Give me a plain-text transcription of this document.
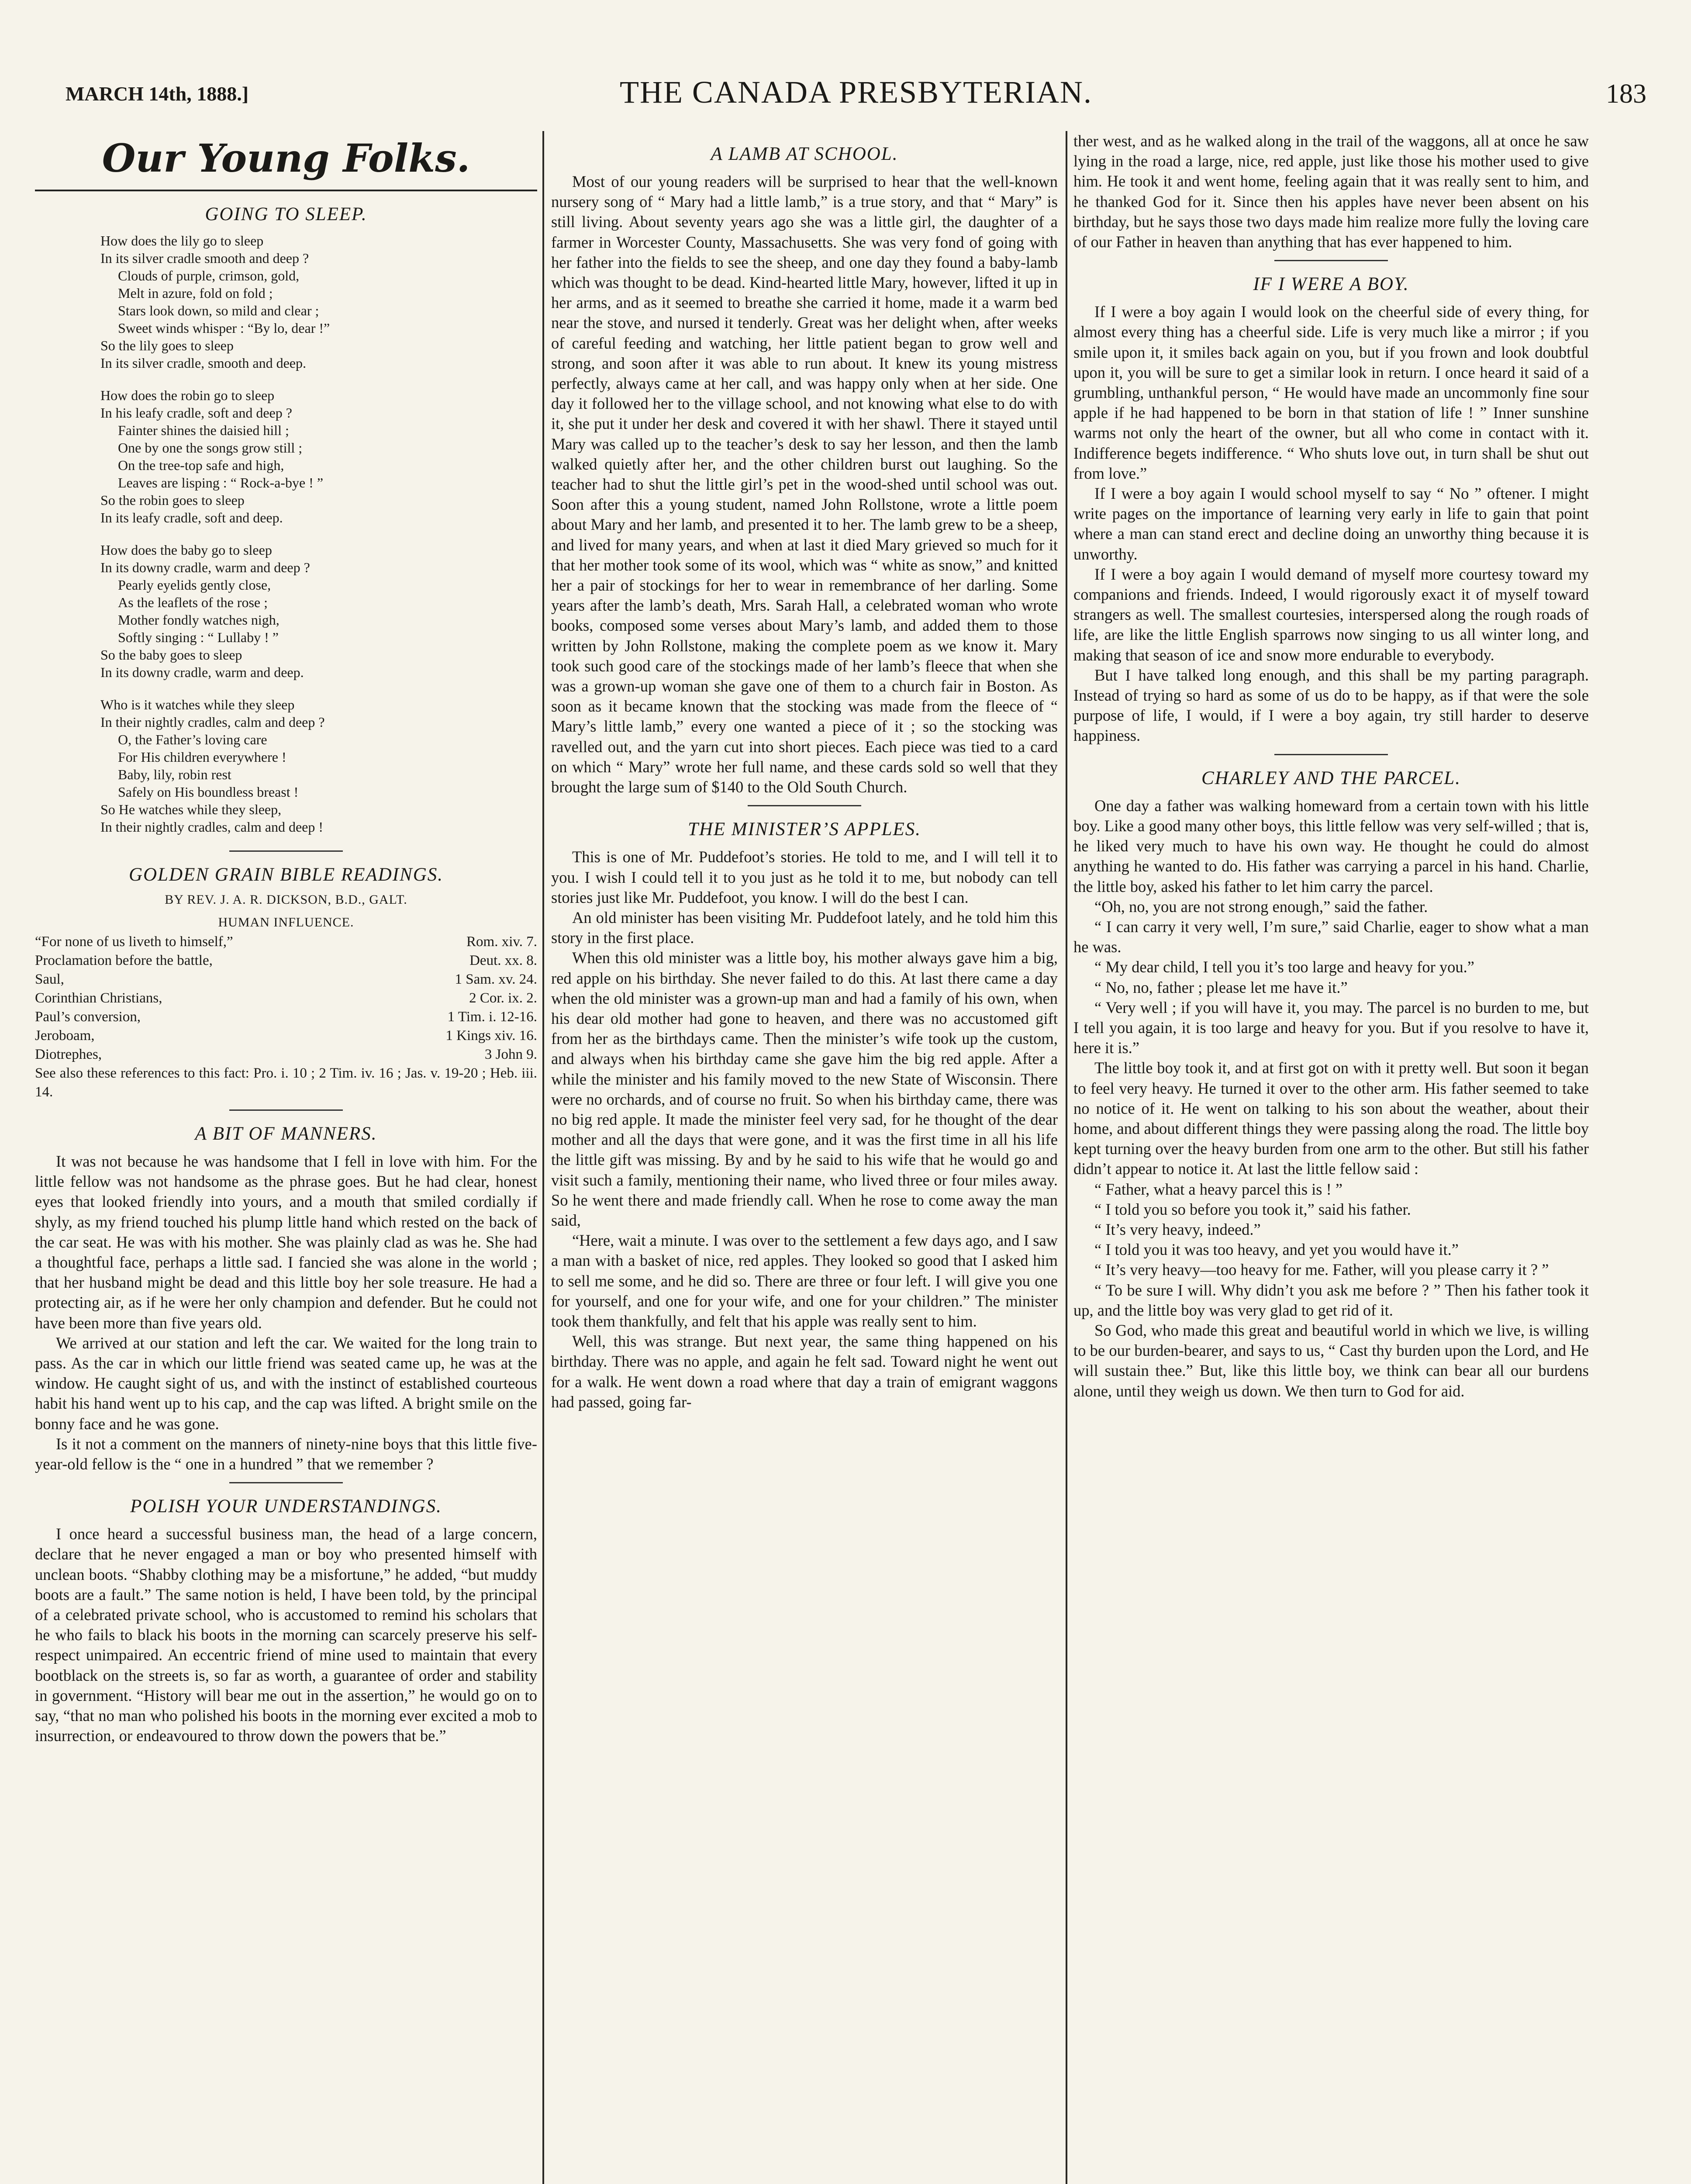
MARCH 14th, 1888.]	THE CANADA PRESBYTERIAN.	183
Our Young Folks.
GOING TO SLEEP.
How does the lily go to sleep
In its silver cradle smooth and deep ?
Clouds of purple, crimson, gold,
Melt in azure, fold on fold ;
Stars look down, so mild and clear ;
Sweet winds whisper : “By lo, dear !”
So the lily goes to sleep
In its silver cradle, smooth and deep.
How does the robin go to sleep
In his leafy cradle, soft and deep ?
Fainter shines the daisied hill ;
One by one the songs grow still ;
On the tree-top safe and high,
Leaves are lisping : “ Rock-a-bye ! ”
So the robin goes to sleep
In its leafy cradle, soft and deep.
How does the baby go to sleep
In its downy cradle, warm and deep ?
Pearly eyelids gently close,
As the leaflets of the rose ;
Mother fondly watches nigh,
Softly singing : “ Lullaby ! ”
So the baby goes to sleep
In its downy cradle, warm and deep.
Who is it watches while they sleep
In their nightly cradles, calm and deep ?
O, the Father’s loving care
For His children everywhere !
Baby, lily, robin rest
Safely on His boundless breast !
So He watches while they sleep,
In their nightly cradles, calm and deep !
GOLDEN GRAIN BIBLE READINGS.
BY REV. J. A. R. DICKSON, B.D., GALT.
HUMAN INFLUENCE.
“For none of us liveth to himself,”	Rom. xiv. 7.
Proclamation before the battle,	Deut. xx. 8.
Saul,	1 Sam. xv. 24.
Corinthian Christians,	2 Cor. ix. 2.
Paul’s conversion,	1 Tim. i. 12-16.
Jeroboam,	1 Kings xiv. 16.
Diotrephes,	3 John 9.
See also these references to this fact: Pro. i. 10 ; 2 Tim. iv. 16 ; Jas. v. 19-20 ; Heb. iii. 14.
A BIT OF MANNERS.

It was not because he was handsome that I fell in love with him. For the little fellow was not handsome as the phrase goes. But he had clear, honest eyes that looked friendly into yours, and a mouth that smiled cordially if shyly, as my friend touched his plump little hand which rested on the back of the car seat. He was with his mother. She was plainly clad as was he. She had a thoughtful face, perhaps a little sad. I fancied she was alone in the world ; that her husband might be dead and this little boy her sole treasure. He had a protecting air, as if he were her only champion and defender. But he could not have been more than five years old.

We arrived at our station and left the car. We waited for the long train to pass. As the car in which our little friend was seated came up, he was at the window. He caught sight of us, and with the instinct of established courteous habit his hand went up to his cap, and the cap was lifted. A bright smile on the bonny face and he was gone.

Is it not a comment on the manners of ninety-nine boys that this little five-year-old fellow is the “ one in a hundred ” that we remember ?

POLISH YOUR UNDERSTANDINGS.

I once heard a successful business man, the head of a large concern, declare that he never engaged a man or boy who presented himself with unclean boots. “Shabby clothing may be a misfortune,” he added, “but muddy boots are a fault.” The same notion is held, I have been told, by the principal of a celebrated private school, who is accustomed to remind his scholars that he who fails to black his boots in the morning can scarcely preserve his self-respect unimpaired. An eccentric friend of mine used to maintain that every bootblack on the streets is, so far as worth, a guarantee of order and stability in government. “History will bear me out in the assertion,” he would go on to say, “that no man who polished his boots in the morning ever excited a mob to insurrection, or endeavoured to throw down the powers that be.”

A LAMB AT SCHOOL.

Most of our young readers will be surprised to hear that the well-known nursery song of “ Mary had a little lamb,” is a true story, and that “ Mary” is still living. About seventy years ago she was a little girl, the daughter of a farmer in Worcester County, Massachusetts. She was very fond of going with her father into the fields to see the sheep, and one day they found a baby-lamb which was thought to be dead. Kind-hearted little Mary, however, lifted it up in her arms, and as it seemed to breathe she carried it home, made it a warm bed near the stove, and nursed it tenderly. Great was her delight when, after weeks of careful feeding and watching, her little patient began to grow well and strong, and soon after it was able to run about. It knew its young mistress perfectly, always came at her call, and was happy only when at her side. One day it followed her to the village school, and not knowing what else to do with it, she put it under her desk and covered it with her shawl. There it stayed until Mary was called up to the teacher’s desk to say her lesson, and then the lamb walked quietly after her, and the other children burst out laughing. So the teacher had to shut the little girl’s pet in the wood-shed until school was out. Soon after this a young student, named John Rollstone, wrote a little poem about Mary and her lamb, and presented it to her. The lamb grew to be a sheep, and lived for many years, and when at last it died Mary grieved so much for it that her mother took some of its wool, which was “ white as snow,” and knitted her a pair of stockings for her to wear in remembrance of her darling. Some years after the lamb’s death, Mrs. Sarah Hall, a celebrated woman who wrote books, composed some verses about Mary’s lamb, and added them to those written by John Rollstone, making the complete poem as we know it. Mary took such good care of the stockings made of her lamb’s fleece that when she was a grown-up woman she gave one of them to a church fair in Boston. As soon as it became known that the stocking was made from the fleece of “ Mary’s little lamb,” every one wanted a piece of it ; so the stocking was ravelled out, and the yarn cut into short pieces. Each piece was tied to a card on which “ Mary” wrote her full name, and these cards sold so well that they brought the large sum of $140 to the Old South Church.

THE MINISTER’S APPLES.

This is one of Mr. Puddefoot’s stories. He told to me, and I will tell it to you. I wish I could tell it to you just as he told it to me, but nobody can tell stories just like Mr. Puddefoot, you know. I will do the best I can.

An old minister has been visiting Mr. Puddefoot lately, and he told him this story in the first place.

When this old minister was a little boy, his mother always gave him a big, red apple on his birthday. She never failed to do this. At last there came a day when the old minister was a grown-up man and had a family of his own, when his dear old mother had gone to heaven, and there was no accustomed gift from her as the birthdays came. Then the minister’s wife took up the custom, and always when his birthday came she gave him the big red apple. After a while the minister and his family moved to the new State of Wisconsin. There were no orchards, and of course no fruit. So when his birthday came, there was no big red apple. It made the minister feel very sad, for he thought of the dear mother and all the days that were gone, and it was the first time in all his life the little gift was missing. By and by he said to his wife that he would go and visit such a family, mentioning their name, who lived three or four miles away. So he went there and made friendly call. When he rose to come away the man said,

“Here, wait a minute. I was over to the settlement a few days ago, and I saw a man with a basket of nice, red apples. They looked so good that I asked him to sell me some, and he did so. There are three or four left. I will give you one for yourself, and one for your wife, and one for your children.” The minister took them thankfully, and felt that his apple was really sent to him.

Well, this was strange. But next year, the same thing happened on his birthday. There was no apple, and again he felt sad. Toward night he went out for a walk. He went down a road where that day a train of emigrant waggons had passed, going far-

ther west, and as he walked along in the trail of the waggons, all at once he saw lying in the road a large, nice, red apple, just like those his mother used to give him. He took it and went home, feeling again that it was really sent to him, and he thanked God for it. Since then his apples have never been absent on his birthday, but he says those two days made him realize more fully the loving care of our Father in heaven than anything that has ever happened to him.

IF I WERE A BOY.

If I were a boy again I would look on the cheerful side of every thing, for almost every thing has a cheerful side. Life is very much like a mirror ; if you smile upon it, it smiles back again on you, but if you frown and look doubtful upon it, you will be sure to get a similar look in return. I once heard it said of a grumbling, unthankful person, “ He would have made an uncommonly fine sour apple if he had happened to be born in that station of life ! ” Inner sunshine warms not only the heart of the owner, but all who come in contact with it. Indifference begets indifference. “ Who shuts love out, in turn shall be shut out from love.”

If I were a boy again I would school myself to say “ No ” oftener. I might write pages on the importance of learning very early in life to gain that point where a man can stand erect and decline doing an unworthy thing because it is unworthy.

If I were a boy again I would demand of myself more courtesy toward my companions and friends. Indeed, I would rigorously exact it of myself toward strangers as well. The smallest courtesies, interspersed along the rough roads of life, are like the little English sparrows now singing to us all winter long, and making that season of ice and snow more endurable to everybody.

But I have talked long enough, and this shall be my parting paragraph. Instead of trying so hard as some of us do to be happy, as if that were the sole purpose of life, I would, if I were a boy again, try still harder to deserve happiness.

CHARLEY AND THE PARCEL.

One day a father was walking homeward from a certain town with his little boy. Like a good many other boys, this little fellow was very self-willed ; that is, he liked very much to have his own way. He thought he could do almost anything he wanted to do. His father was carrying a parcel in his hand. Charlie, the little boy, asked his father to let him carry the parcel.

“Oh, no, you are not strong enough,” said the father.

“ I can carry it very well, I’m sure,” said Charlie, eager to show what a man he was.

“ My dear child, I tell you it’s too large and heavy for you.”

“ No, no, father ; please let me have it.”

“ Very well ; if you will have it, you may. The parcel is no burden to me, but I tell you again, it is too large and heavy for you. But if you resolve to have it, here it is.”

The little boy took it, and at first got on with it pretty well. But soon it began to feel very heavy. He turned it over to the other arm. His father seemed to take no notice of it. He went on talking to his son about the weather, about their home, and about different things they were passing along the road. The little boy kept turning over the heavy burden from one arm to the other. But still his father didn’t appear to notice it. At last the little fellow said :

“ Father, what a heavy parcel this is ! ”

“ I told you so before you took it,” said his father.

“ It’s very heavy, indeed.”

“ I told you it was too heavy, and yet you would have it.”

“ It’s very heavy—too heavy for me. Father, will you please carry it ? ”

“ To be sure I will. Why didn’t you ask me before ? ” Then his father took it up, and the little boy was very glad to get rid of it.

So God, who made this great and beautiful world in which we live, is willing to be our burden-bearer, and says to us, “ Cast thy burden upon the Lord, and He will sustain thee.” But, like this little boy, we think can bear all our burdens alone, until they weigh us down. We then turn to God for aid.
